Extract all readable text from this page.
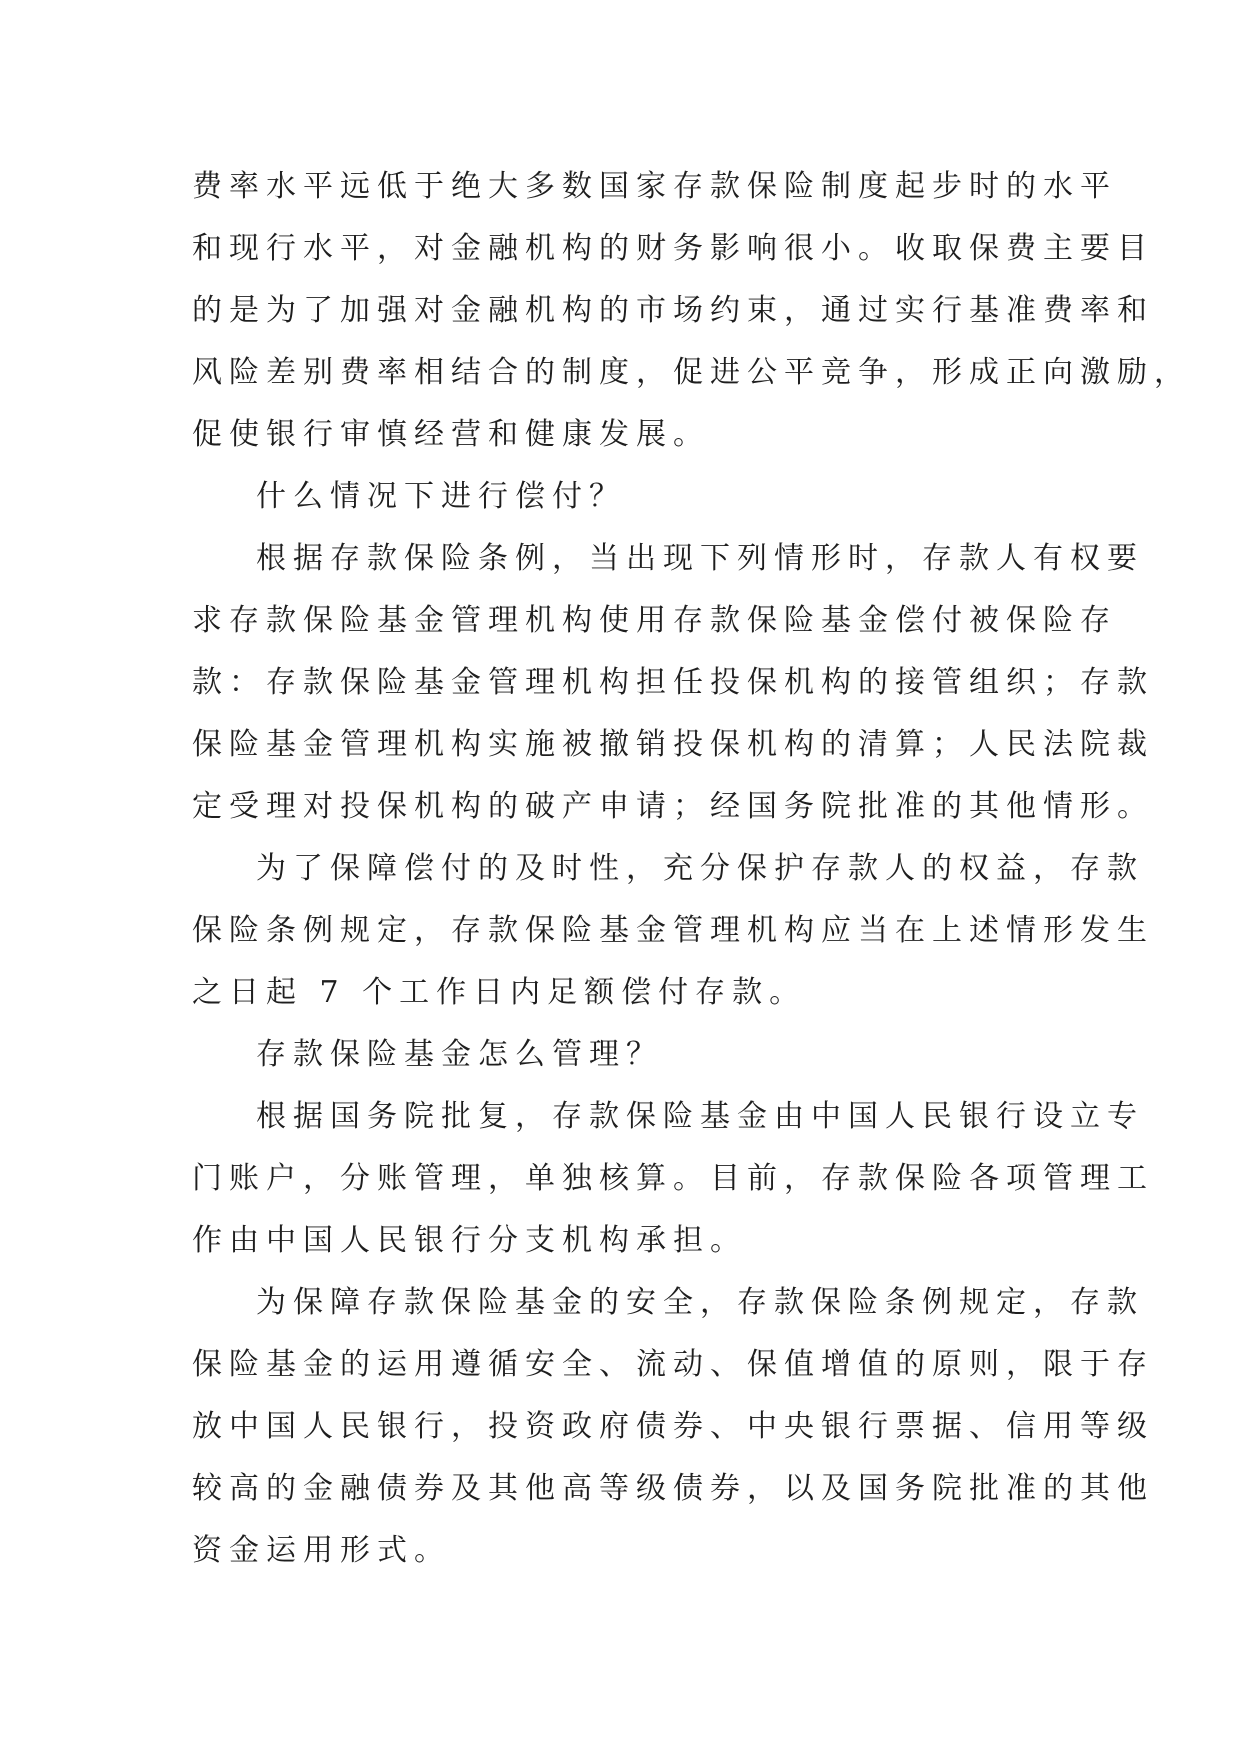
费率水平远低于绝大多数国家存款保险制度起步时的水平
和现行水平，对金融机构的财务影响很小。收取保费主要目
的是为了加强对金融机构的市场约束，通过实行基准费率和
风险差别费率相结合的制度，促进公平竞争，形成正向激励，
促使银行审慎经营和健康发展。
什么情况下进行偿付？
根据存款保险条例，当出现下列情形时，存款人有权要
求存款保险基金管理机构使用存款保险基金偿付被保险存
款：存款保险基金管理机构担任投保机构的接管组织；存款
保险基金管理机构实施被撤销投保机构的清算；人民法院裁
定受理对投保机构的破产申请；经国务院批准的其他情形。
为了保障偿付的及时性，充分保护存款人的权益，存款
保险条例规定，存款保险基金管理机构应当在上述情形发生
之日起 7 个工作日内足额偿付存款。
存款保险基金怎么管理？
根据国务院批复，存款保险基金由中国人民银行设立专
门账户，分账管理，单独核算。目前，存款保险各项管理工
作由中国人民银行分支机构承担。
为保障存款保险基金的安全，存款保险条例规定，存款
保险基金的运用遵循安全、流动、保值增值的原则，限于存
放中国人民银行，投资政府债券、中央银行票据、信用等级
较高的金融债券及其他高等级债券，以及国务院批准的其他
资金运用形式。
